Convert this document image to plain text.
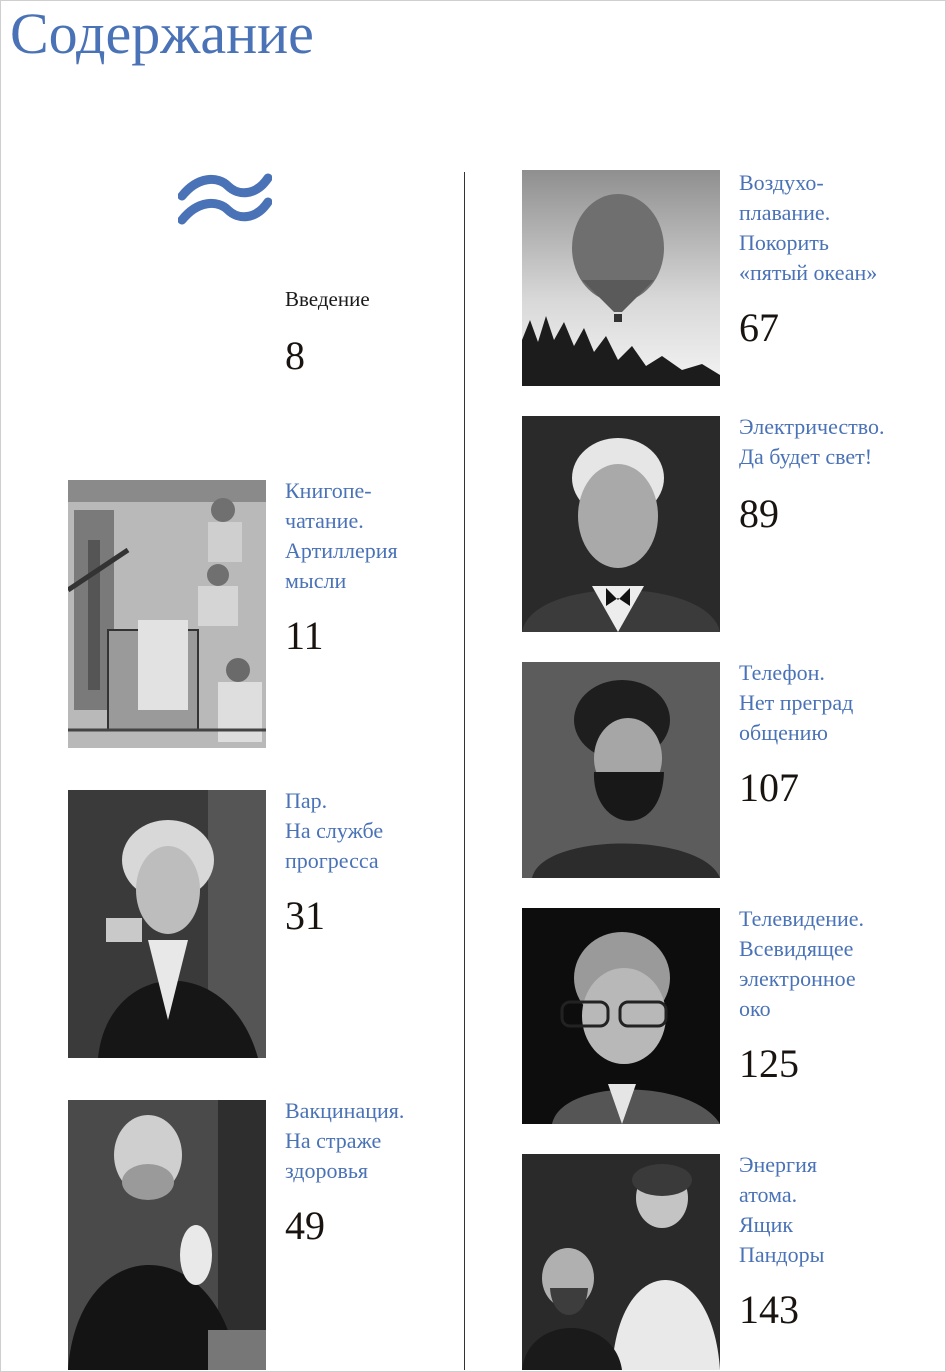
Содержание
Введение
8
Книгопе-
чатание.
Артиллерия
мысли
11
Пар.
На службе
прогресса
31
Вакцинация.
На страже
здоровья
49
Воздухо-
плавание.
Покорить
«пятый океан»
67
Электричество.
Да будет свет!
89
Телефон.
Нет преград
общению
107
Телевидение.
Всевидящее
электронное
око
125
Энергия
атома.
Ящик
Пандоры
143
